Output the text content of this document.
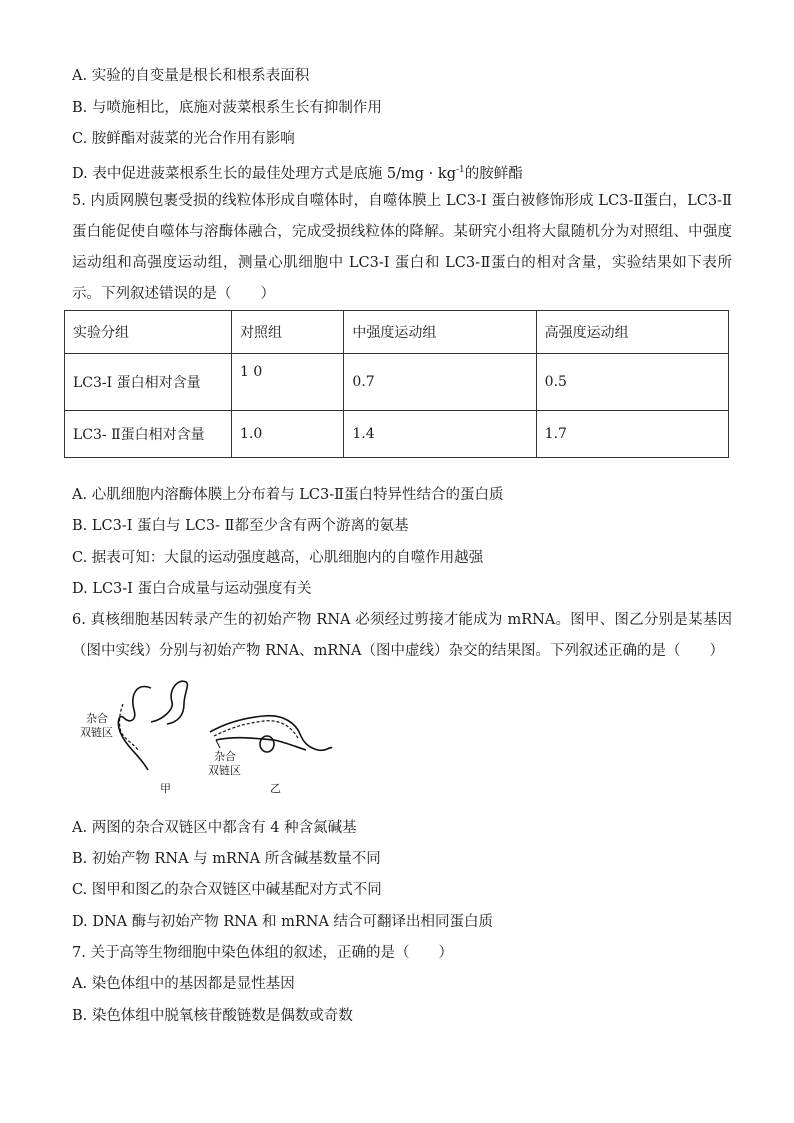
A. 实验的自变量是根长和根系表面积
B. 与喷施相比，底施对菠菜根系生长有抑制作用
C. 胺鲜酯对菠菜的光合作用有影响
D. 表中促进菠菜根系生长的最佳处理方式是底施 $5/mg \cdot kg^{-1}$的胺鲜酯
5. 内质网膜包裹受损的线粒体形成自噬体时，自噬体膜上 LC3-I 蛋白被修饰形成 LC3-Ⅱ蛋白，LC3-Ⅱ蛋白能促使自噬体与溶酶体融合，完成受损线粒体的降解。某研究小组将大鼠随机分为对照组、中强度运动组和高强度运动组，测量心肌细胞中 LC3-I 蛋白和 LC3-Ⅱ蛋白的相对含量，实验结果如下表所示。下列叙述错误的是（　　）
实验分组	对照组	中强度运动组	高强度运动组
LC3-I 蛋白相对含量	1 0	0.7	0.5
LC3- Ⅱ蛋白相对含量	1.0	1.4	1.7
A. 心肌细胞内溶酶体膜上分布着与 LC3-Ⅱ蛋白特异性结合的蛋白质
B. LC3-I 蛋白与 LC3- Ⅱ都至少含有两个游离的氨基
C. 据表可知：大鼠的运动强度越高，心肌细胞内的自噬作用越强
D. LC3-I 蛋白合成量与运动强度有关
6. 真核细胞基因转录产生的初始产物 RNA 必须经过剪接才能成为 mRNA。图甲、图乙分别是某基因（图中实线）分别与初始产物 RNA、mRNA（图中虚线）杂交的结果图。下列叙述正确的是（　　）
杂合
双链区
杂合
双链区
甲	乙
A. 两图的杂合双链区中都含有 4 种含氮碱基
B. 初始产物 RNA 与 mRNA 所含碱基数量不同
C. 图甲和图乙的杂合双链区中碱基配对方式不同
D. DNA 酶与初始产物 RNA 和 mRNA 结合可翻译出相同蛋白质
7. 关于高等生物细胞中染色体组的叙述，正确的是（　　）
A. 染色体组中的基因都是显性基因
B. 染色体组中脱氧核苷酸链数是偶数或奇数
